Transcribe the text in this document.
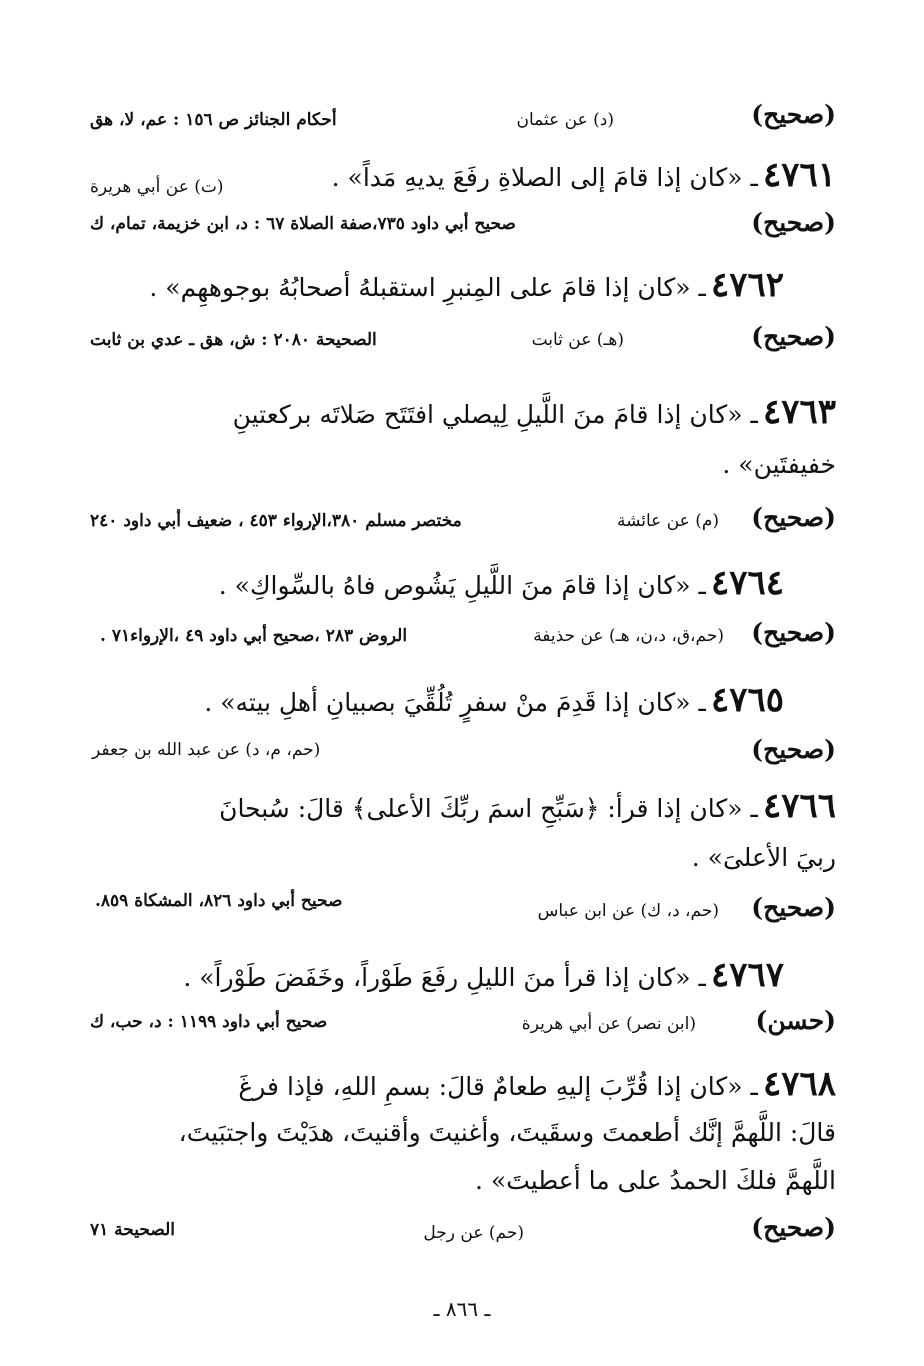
(صحيح)
(د) عن عثمان
أحكام الجنائز ص ١٥٦ : عم، لا، هق
٤٧٦١ ـ «كان إذا قامَ إلى الصلاةِ رفَعَ يديهِ مَداً» .
(ت) عن أبي هريرة
(صحيح)
صحيح أبي داود ٧٣٥،صفة الصلاة ٦٧ : د، ابن خزيمة، تمام، ك
٤٧٦٢ ـ «كان إذا قامَ على المِنبرِ استقبلهُ أصحابُهُ بوجوههِم» .
(صحيح)
(هـ) عن ثابت
الصحيحة ٢٠٨٠ : ش، هق ـ عدي بن ثابت
٤٧٦٣ ـ «كان إذا قامَ منَ اللَّيلِ لِيصلي افتَتَح صَلاتَه بركعتينِ
خفيفتَين» .
(صحيح)
(م) عن عائشة
مختصر مسلم ٣٨٠،الإرواء ٤٥٣ ، ضعيف أبي داود ٢٤٠
٤٧٦٤ ـ «كان إذا قامَ منَ اللَّيلِ يَشُوص فاهُ بالسِّواكِ» .
(صحيح)
(حم،ق، د،ن، هـ) عن حذيفة
الروض ٢٨٣ ،صحيح أبي داود ٤٩ ،الإرواء٧١ .
٤٧٦٥ ـ «كان إذا قَدِمَ منْ سفرٍ تُلُقِّيَ بصبيانِ أهلِ بيته» .
(حم، م، د) عن عبد الله بن جعفر	(صحيح)
٤٧٦٦ ـ «كان إذا قرأ: ﴿سَبِّحِ اسمَ ربِّكَ الأعلى﴾ قالَ: سُبحانَ
ربيَ الأعلىَ» .
(صحيح)
(حم، د، ك) عن ابن عباس
صحيح أبي داود ٨٢٦، المشكاة ٨٥٩.
٤٧٦٧ ـ «كان إذا قرأ منَ الليلِ رفَعَ طَوْراً، وخَفَضَ طَوْراً» .
(حسن)
(ابن نصر) عن أبي هريرة
صحيح أبي داود ١١٩٩ : د، حب، ك
٤٧٦٨ ـ «كان إذا قُرِّبَ إليهِ طعامٌ قالَ: بسمِ اللهِ، فإذا فرغَ
قالَ: اللَّهمَّ إنَّك أطعمتَ وسقَيتَ، وأغنيتَ وأقنيتَ، هدَيْتَ واجتبَيتَ،
اللَّهمَّ فلكَ الحمدُ على ما أعطيتَ» .
(صحيح)
(حم) عن رجل
الصحيحة ٧١
ـ ٨٦٦ ـ
